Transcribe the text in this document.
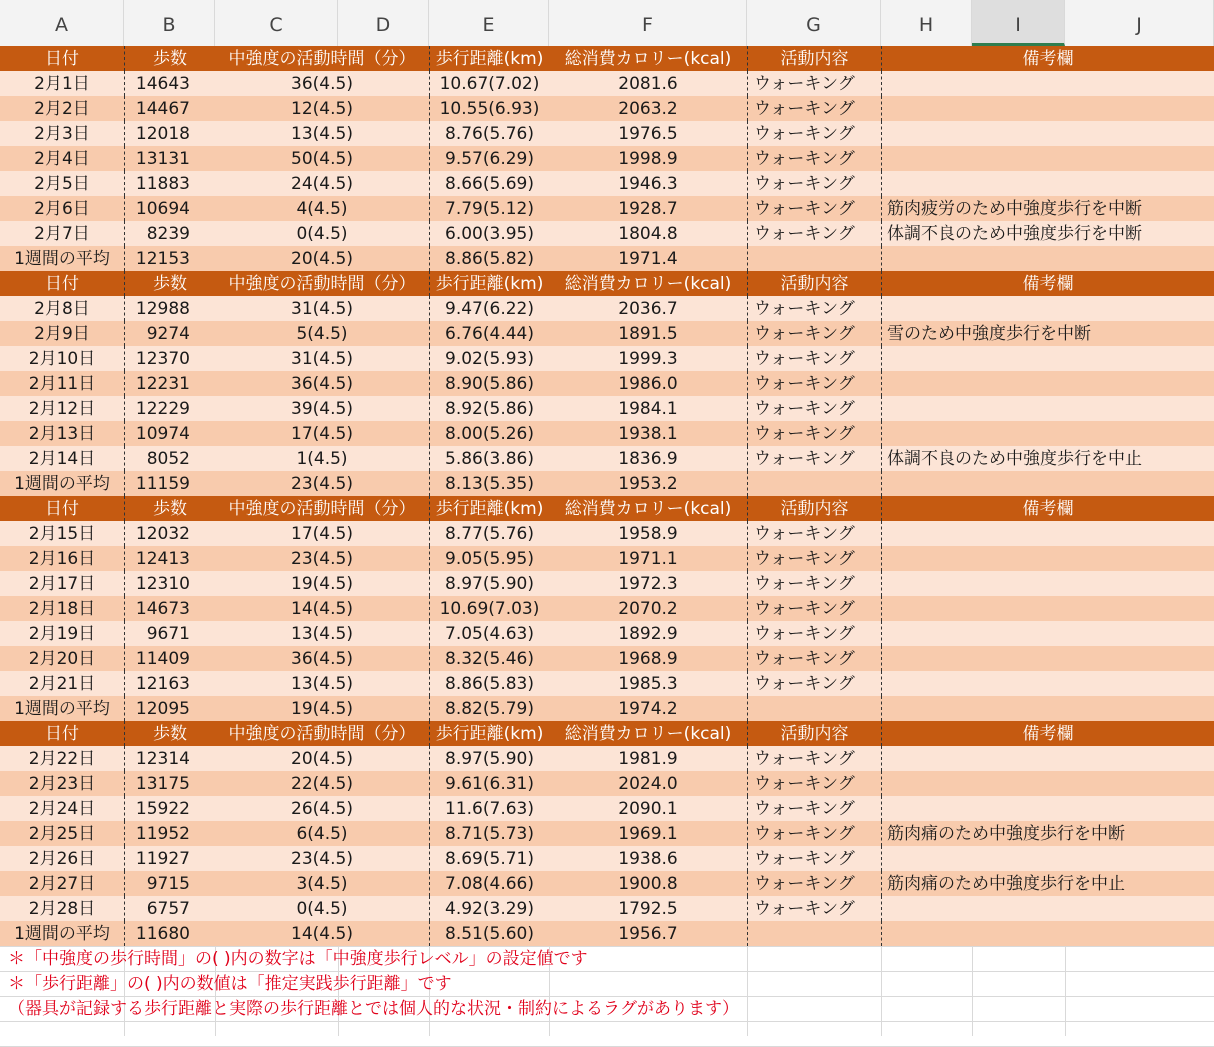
A	B	C	D	E	F	G	H	I	J
日付	歩数	中強度の活動時間（分）	歩行距離(km)	総消費カロリー(kcal)	活動内容	備考欄
2月1日	14643	36(4.5)	10.67(7.02)	2081.6	ウォーキング
2月2日	14467	12(4.5)	10.55(6.93)	2063.2	ウォーキング
2月3日	12018	13(4.5)	8.76(5.76)	1976.5	ウォーキング
2月4日	13131	50(4.5)	9.57(6.29)	1998.9	ウォーキング
2月5日	11883	24(4.5)	8.66(5.69)	1946.3	ウォーキング
2月6日	10694	4(4.5)	7.79(5.12)	1928.7	ウォーキング	筋肉疲労のため中強度歩行を中断
2月7日	8239	0(4.5)	6.00(3.95)	1804.8	ウォーキング	体調不良のため中強度歩行を中断
1週間の平均	12153	20(4.5)	8.86(5.82)	1971.4
日付	歩数	中強度の活動時間（分）	歩行距離(km)	総消費カロリー(kcal)	活動内容	備考欄
2月8日	12988	31(4.5)	9.47(6.22)	2036.7	ウォーキング
2月9日	9274	5(4.5)	6.76(4.44)	1891.5	ウォーキング	雪のため中強度歩行を中断
2月10日	12370	31(4.5)	9.02(5.93)	1999.3	ウォーキング
2月11日	12231	36(4.5)	8.90(5.86)	1986.0	ウォーキング
2月12日	12229	39(4.5)	8.92(5.86)	1984.1	ウォーキング
2月13日	10974	17(4.5)	8.00(5.26)	1938.1	ウォーキング
2月14日	8052	1(4.5)	5.86(3.86)	1836.9	ウォーキング	体調不良のため中強度歩行を中止
1週間の平均	11159	23(4.5)	8.13(5.35)	1953.2
日付	歩数	中強度の活動時間（分）	歩行距離(km)	総消費カロリー(kcal)	活動内容	備考欄
2月15日	12032	17(4.5)	8.77(5.76)	1958.9	ウォーキング
2月16日	12413	23(4.5)	9.05(5.95)	1971.1	ウォーキング
2月17日	12310	19(4.5)	8.97(5.90)	1972.3	ウォーキング
2月18日	14673	14(4.5)	10.69(7.03)	2070.2	ウォーキング
2月19日	9671	13(4.5)	7.05(4.63)	1892.9	ウォーキング
2月20日	11409	36(4.5)	8.32(5.46)	1968.9	ウォーキング
2月21日	12163	13(4.5)	8.86(5.83)	1985.3	ウォーキング
1週間の平均	12095	19(4.5)	8.82(5.79)	1974.2
日付	歩数	中強度の活動時間（分）	歩行距離(km)	総消費カロリー(kcal)	活動内容	備考欄
2月22日	12314	20(4.5)	8.97(5.90)	1981.9	ウォーキング
2月23日	13175	22(4.5)	9.61(6.31)	2024.0	ウォーキング
2月24日	15922	26(4.5)	11.6(7.63)	2090.1	ウォーキング
2月25日	11952	6(4.5)	8.71(5.73)	1969.1	ウォーキング	筋肉痛のため中強度歩行を中断
2月26日	11927	23(4.5)	8.69(5.71)	1938.6	ウォーキング
2月27日	9715	3(4.5)	7.08(4.66)	1900.8	ウォーキング	筋肉痛のため中強度歩行を中止
2月28日	6757	0(4.5)	4.92(3.29)	1792.5	ウォーキング
1週間の平均	11680	14(4.5)	8.51(5.60)	1956.7
＊「中強度の歩行時間」の( )内の数字は「中強度歩行レベル」の設定値です
＊「歩行距離」の( )内の数値は「推定実践歩行距離」です
（器具が記録する歩行距離と実際の歩行距離とでは個人的な状況・制約によるラグがあります）
